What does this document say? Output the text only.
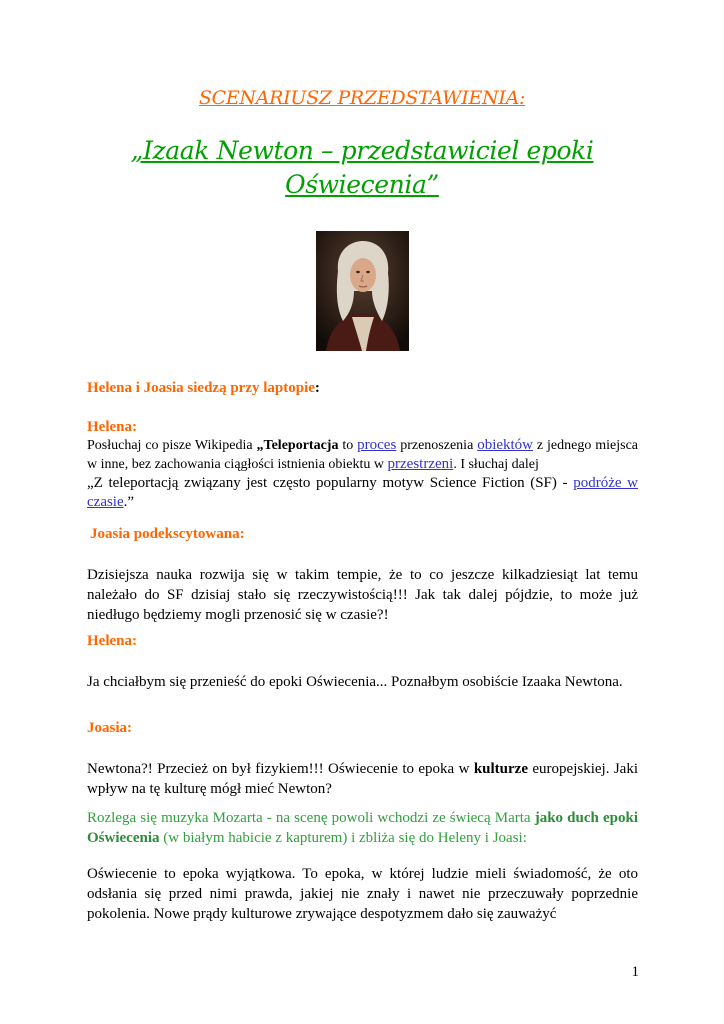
SCENARIUSZ PRZEDSTAWIENIA:
„Izaak Newton – przedstawiciel epoki
Oświecenia”
Helena i Joasia siedzą przy laptopie:
Helena:
Posłuchaj co pisze Wikipedia „Teleportacja to proces przenoszenia obiektów z jednego miejsca w inne, bez zachowania ciągłości istnienia obiektu w przestrzeni. I słuchaj dalej
„Z teleportacją związany jest często popularny motyw Science Fiction (SF) - podróże w czasie.”
Joasia podekscytowana:
Dzisiejsza nauka rozwija się w takim tempie, że to co jeszcze kilkadziesiąt lat temu należało do SF dzisiaj stało się rzeczywistością!!! Jak tak dalej pójdzie, to może już niedługo będziemy mogli przenosić się w czasie?!
Helena:
Ja chciałbym się przenieść do epoki Oświecenia... Poznałbym osobiście Izaaka Newtona.
Joasia:
Newtona?! Przecież on był fizykiem!!! Oświecenie to epoka w kulturze europejskiej. Jaki wpływ na tę kulturę mógł mieć Newton?
Rozlega się muzyka Mozarta - na scenę powoli wchodzi ze świecą Marta jako duch epoki Oświecenia (w białym habicie z kapturem) i zbliża się do Heleny i Joasi:
Oświecenie to epoka wyjątkowa. To epoka, w której ludzie mieli świadomość, że oto odsłania się przed nimi prawda, jakiej nie znały i nawet nie przeczuwały poprzednie pokolenia. Nowe prądy kulturowe zrywające despotyzmem dało się zauważyć
1
